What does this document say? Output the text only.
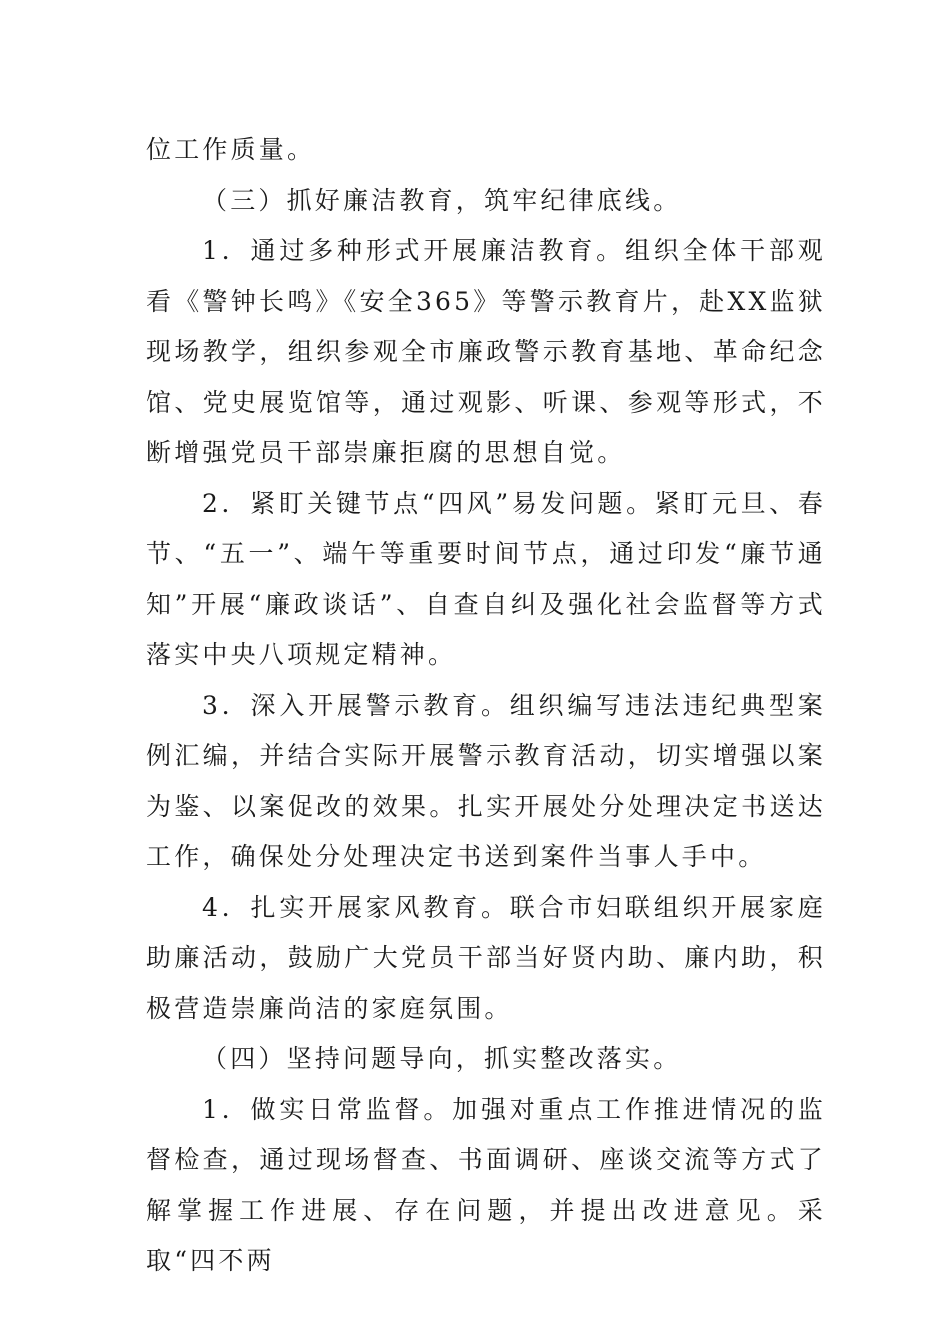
位工作质量。

（三）抓好廉洁教育，筑牢纪律底线。

1．通过多种形式开展廉洁教育。组织全体干部观看《警钟长鸣》《安全365》等警示教育片，赴XX监狱现场教学，组织参观全市廉政警示教育基地、革命纪念馆、党史展览馆等，通过观影、听课、参观等形式，不断增强党员干部崇廉拒腐的思想自觉。

2．紧盯关键节点“四风”易发问题。紧盯元旦、春节、“五一”、端午等重要时间节点，通过印发“廉节通知”开展“廉政谈话”、自查自纠及强化社会监督等方式落实中央八项规定精神。

3．深入开展警示教育。组织编写违法违纪典型案例汇编，并结合实际开展警示教育活动，切实增强以案为鉴、以案促改的效果。扎实开展处分处理决定书送达工作，确保处分处理决定书送到案件当事人手中。

4．扎实开展家风教育。联合市妇联组织开展家庭助廉活动，鼓励广大党员干部当好贤内助、廉内助，积极营造崇廉尚洁的家庭氛围。

（四）坚持问题导向，抓实整改落实。

1．做实日常监督。加强对重点工作推进情况的监督检查，通过现场督查、书面调研、座谈交流等方式了解掌握工作进展、存在问题，并提出改进意见。采取“四不两
